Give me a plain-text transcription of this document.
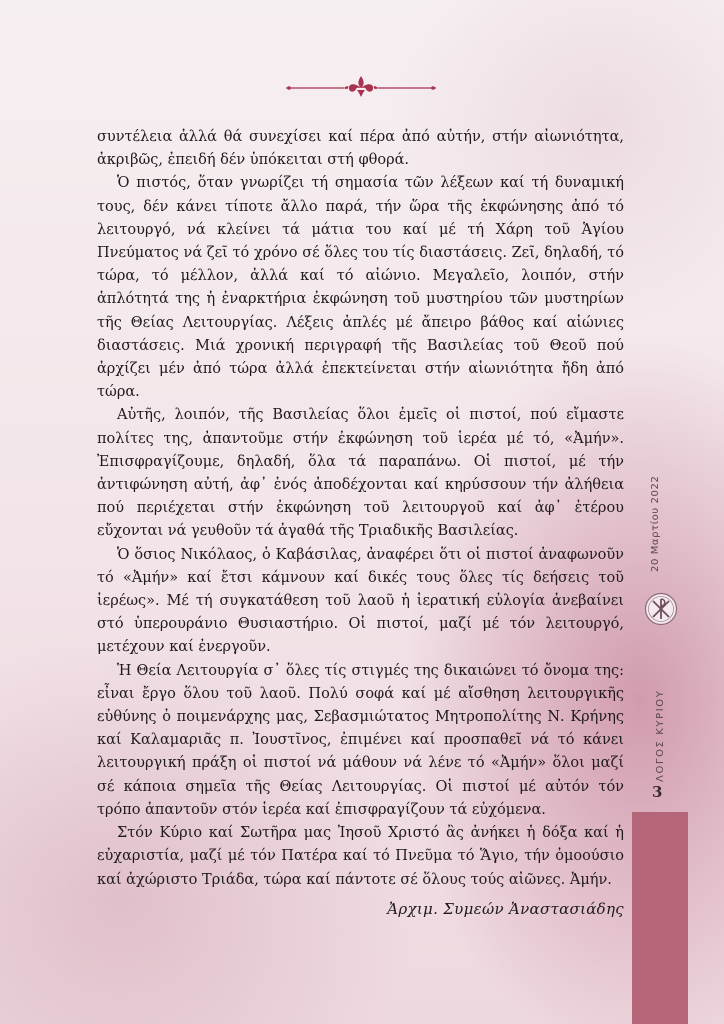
συντέλεια ἀλλά θά συνεχίσει καί πέρα ἀπό αὐτήν, στήν αἰωνιότητα, ἀκριβῶς, ἐπειδή δέν ὑπόκειται στή φθορά.

Ὁ πιστός, ὅταν γνωρίζει τή σημασία τῶν λέξεων καί τή δυναμική τους, δέν κάνει τίποτε ἄλλο παρά, τήν ὥρα τῆς ἐκφώνησης ἀπό τό λειτουργό, νά κλείνει τά μάτια του καί μέ τή Χάρη τοῦ Ἁγίου Πνεύματος νά ζεῖ τό χρόνο σέ ὅλες του τίς διαστάσεις. Ζεῖ, δηλαδή, τό τώρα, τό μέλλον, ἀλλά καί τό αἰώνιο. Μεγαλεῖο, λοιπόν, στήν ἁπλότητά της ἡ ἐναρκτήρια ἐκφώνηση τοῦ μυστηρίου τῶν μυστηρίων τῆς Θείας Λειτουργίας. Λέξεις ἁπλές μέ ἄπειρο βάθος καί αἰώνιες διαστάσεις. Μιά χρονική περιγραφή τῆς Βασιλείας τοῦ Θεοῦ πού ἀρχίζει μέν ἀπό τώρα ἀλλά ἐπεκτείνεται στήν αἰωνιότητα ἤδη ἀπό τώρα.

Αὐτῆς, λοιπόν, τῆς Βασιλείας ὅλοι ἐμεῖς οἱ πιστοί, πού εἴμαστε πολίτες της, ἀπαντοῦμε στήν ἐκφώνηση τοῦ ἱερέα μέ τό, «Ἀμήν». Ἐπισφραγίζουμε, δηλαδή, ὅλα τά παραπάνω. Οἱ πιστοί, μέ τήν ἀντιφώνηση αὐτή, ἀφ᾽ ἑνός ἀποδέχονται καί κηρύσσουν τήν ἀλήθεια πού περιέχεται στήν ἐκφώνηση τοῦ λειτουργοῦ καί ἀφ᾽ ἑτέρου εὔχονται νά γευθοῦν τά ἀγαθά τῆς Τριαδικῆς Βασιλείας.

Ὁ ὅσιος Νικόλαος, ὁ Καβάσιλας, ἀναφέρει ὅτι οἱ πιστοί ἀναφωνοῦν τό «Ἀμήν» καί ἔτσι κάμνουν καί δικές τους ὅλες τίς δεήσεις τοῦ ἱερέως». Μέ τή συγκατάθεση τοῦ λαοῦ ἡ ἱερατική εὐλογία ἀνεβαίνει στό ὑπερουράνιο Θυσιαστήριο. Οἱ πιστοί, μαζί μέ τόν λειτουργό, μετέχουν καί ἐνεργοῦν.

Ἡ Θεία Λειτουργία σ᾽ ὅλες τίς στιγμές της δικαιώνει τό ὄνομα της: εἶναι ἔργο ὅλου τοῦ λαοῦ. Πολύ σοφά καί μέ αἴσθηση λειτουργικῆς εὐθύνης ὁ ποιμενάρχης μας, Σεβασμιώτατος Μητροπολίτης Ν. Κρήνης καί Καλαμαριᾶς π. Ἰουστῖνος, ἐπιμένει καί προσπαθεῖ νά τό κάνει λειτουργική πράξη οἱ πιστοί νά μάθουν νά λένε τό «Ἀμήν» ὅλοι μαζί σέ κάποια σημεῖα τῆς Θείας Λειτουργίας. Οἱ πιστοί μέ αὐτόν τόν τρόπο ἀπαντοῦν στόν ἱερέα καί ἐπισφραγίζουν τά εὐχόμενα.

Στόν Κύριο καί Σωτῆρα μας Ἰησοῦ Χριστό ἂς ἀνήκει ἡ δόξα καί ἡ εὐχαριστία, μαζί μέ τόν Πατέρα καί τό Πνεῦμα τό Ἅγιο, τήν ὁμοούσιο καί ἀχώριστο Τριάδα, τώρα καί πάντοτε σέ ὅλους τούς αἰῶνες. Ἀμήν.

Ἀρχιμ. Συμεών Ἀναστασιάδης
20 Μαρτίου 2022
ΛΟΓΟΣ ΚΥΡΙΟΥ
3
